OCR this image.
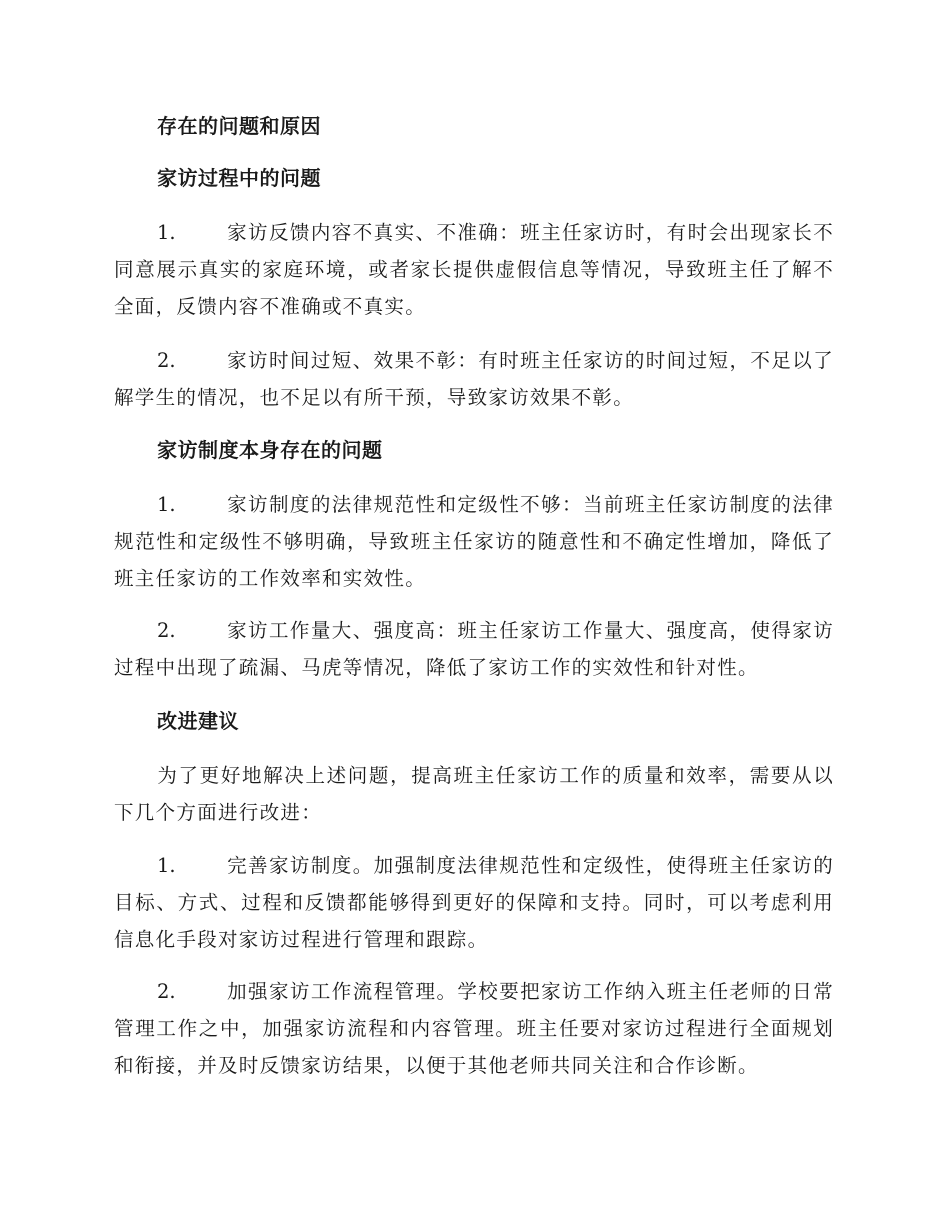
存在的问题和原因
家访过程中的问题
1.	家访反馈内容不真实、不准确：班主任家访时，有时会出现家长不同意展示真实的家庭环境，或者家长提供虚假信息等情况，导致班主任了解不全面，反馈内容不准确或不真实。
2.	家访时间过短、效果不彰：有时班主任家访的时间过短，不足以了解学生的情况，也不足以有所干预，导致家访效果不彰。
家访制度本身存在的问题
1.	家访制度的法律规范性和定级性不够：当前班主任家访制度的法律规范性和定级性不够明确，导致班主任家访的随意性和不确定性增加，降低了班主任家访的工作效率和实效性。
2.	家访工作量大、强度高：班主任家访工作量大、强度高，使得家访过程中出现了疏漏、马虎等情况，降低了家访工作的实效性和针对性。
改进建议
为了更好地解决上述问题，提高班主任家访工作的质量和效率，需要从以下几个方面进行改进：
1.	完善家访制度。加强制度法律规范性和定级性，使得班主任家访的目标、方式、过程和反馈都能够得到更好的保障和支持。同时，可以考虑利用信息化手段对家访过程进行管理和跟踪。
2.	加强家访工作流程管理。学校要把家访工作纳入班主任老师的日常管理工作之中，加强家访流程和内容管理。班主任要对家访过程进行全面规划和衔接，并及时反馈家访结果，以便于其他老师共同关注和合作诊断。
